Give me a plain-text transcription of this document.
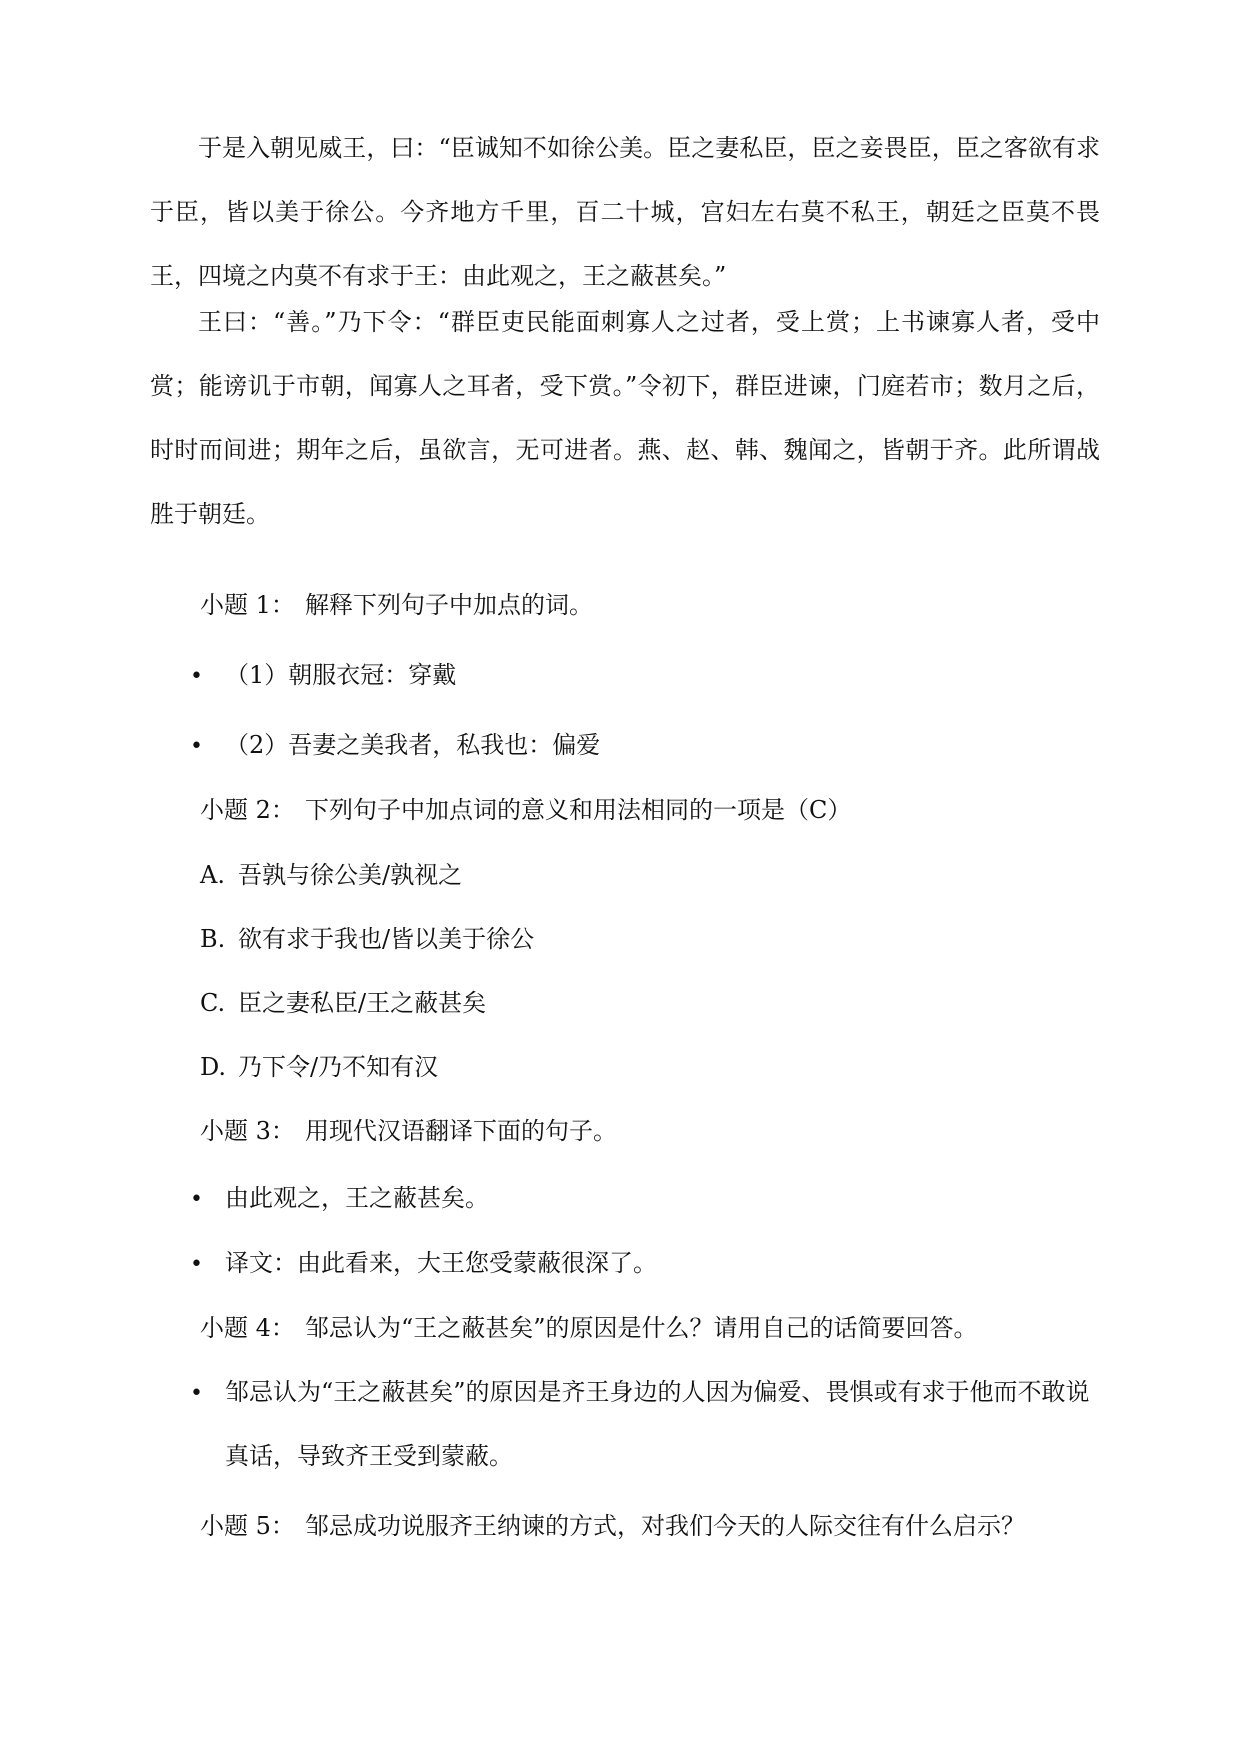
于是入朝见威王，曰：“臣诚知不如徐公美。臣之妻私臣，臣之妾畏臣，臣之客欲有求于臣，皆以美于徐公。今齐地方千里，百二十城，宫妇左右莫不私王，朝廷之臣莫不畏王，四境之内莫不有求于王：由此观之，王之蔽甚矣。”

王曰：“善。”乃下令：“群臣吏民能面刺寡人之过者，受上赏；上书谏寡人者，受中赏；能谤讥于市朝，闻寡人之耳者，受下赏。”令初下，群臣进谏，门庭若市；数月之后，时时而间进；期年之后，虽欲言，无可进者。燕、赵、韩、魏闻之，皆朝于齐。此所谓战胜于朝廷。

小题 1： 解释下列句子中加点的词。
• （1）朝服衣冠：穿戴
• （2）吾妻之美我者，私我也：偏爱
小题 2： 下列句子中加点词的意义和用法相同的一项是（C）
A. 吾孰与徐公美/孰视之
B. 欲有求于我也/皆以美于徐公
C. 臣之妻私臣/王之蔽甚矣
D. 乃下令/乃不知有汉
小题 3： 用现代汉语翻译下面的句子。
• 由此观之，王之蔽甚矣。
• 译文：由此看来，大王您受蒙蔽很深了。
小题 4： 邹忌认为“王之蔽甚矣”的原因是什么？请用自己的话简要回答。
• 邹忌认为“王之蔽甚矣”的原因是齐王身边的人因为偏爱、畏惧或有求于他而不敢说真话，导致齐王受到蒙蔽。

小题 5： 邹忌成功说服齐王纳谏的方式，对我们今天的人际交往有什么启示？
